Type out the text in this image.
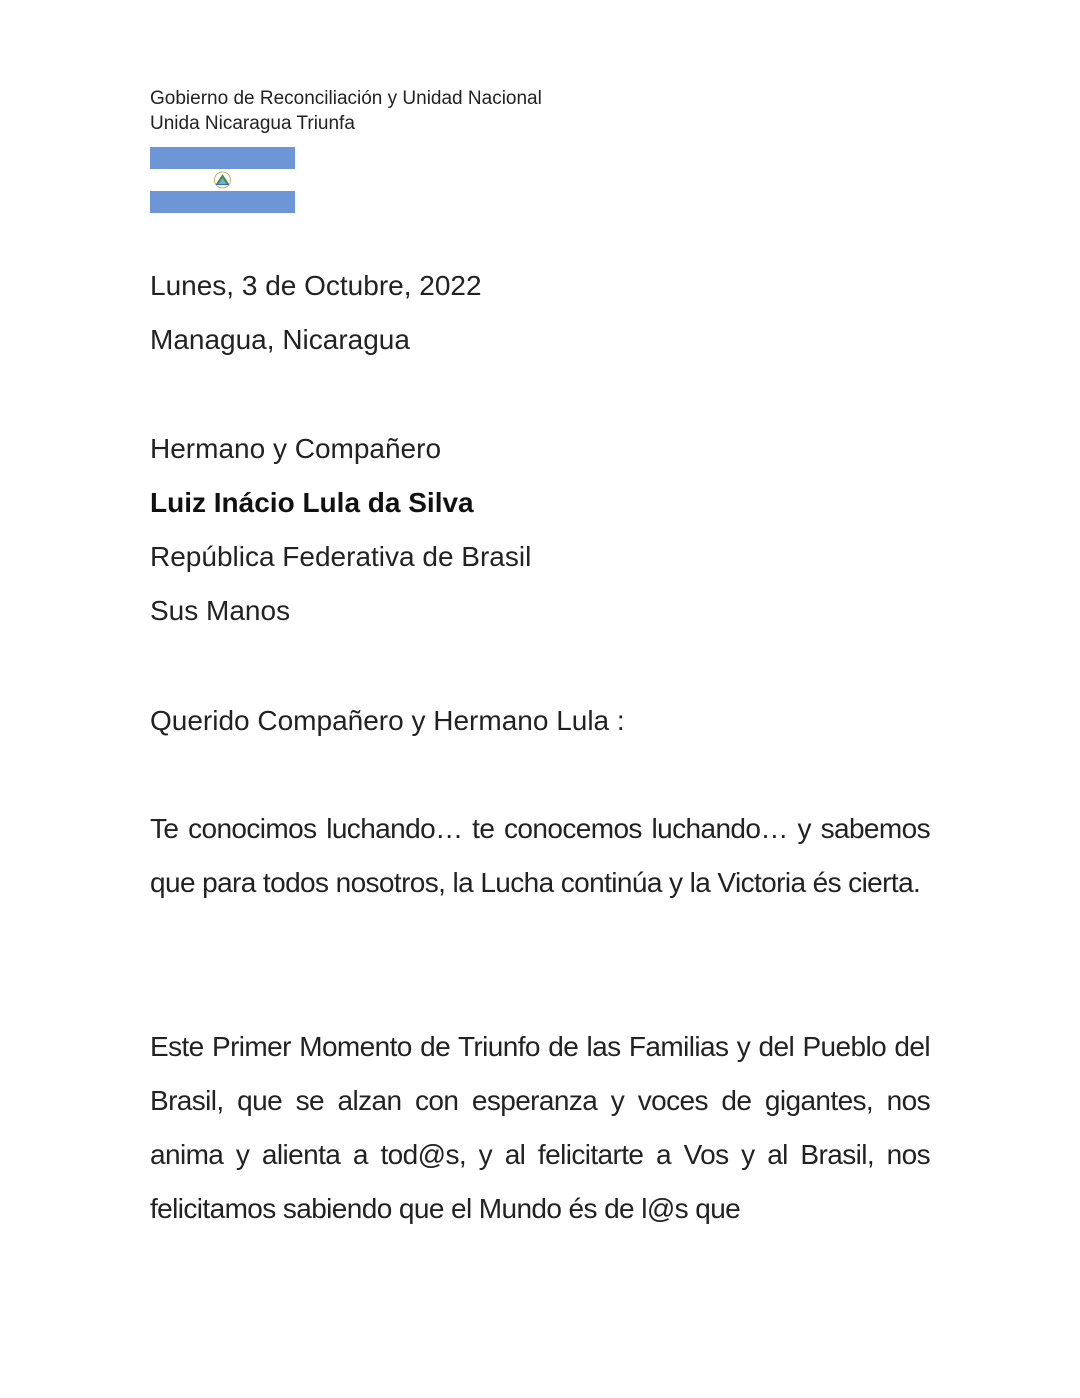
Gobierno de Reconciliación y Unidad Nacional
Unida Nicaragua Triunfa
Lunes, 3 de Octubre, 2022
Managua, Nicaragua
Hermano y Compañero
Luiz Inácio Lula da Silva
República Federativa de Brasil
Sus Manos
Querido Compañero y Hermano Lula :
Te conocimos luchando… te conocemos luchando… y sabemos que para todos nosotros, la Lucha continúa y la Victoria és cierta.
Este Primer Momento de Triunfo de las Familias y del Pueblo del Brasil, que se alzan con esperanza y voces de gigantes, nos anima y alienta a tod@s, y al felicitarte a Vos y al Brasil, nos felicitamos sabiendo que el Mundo és de l@s que
